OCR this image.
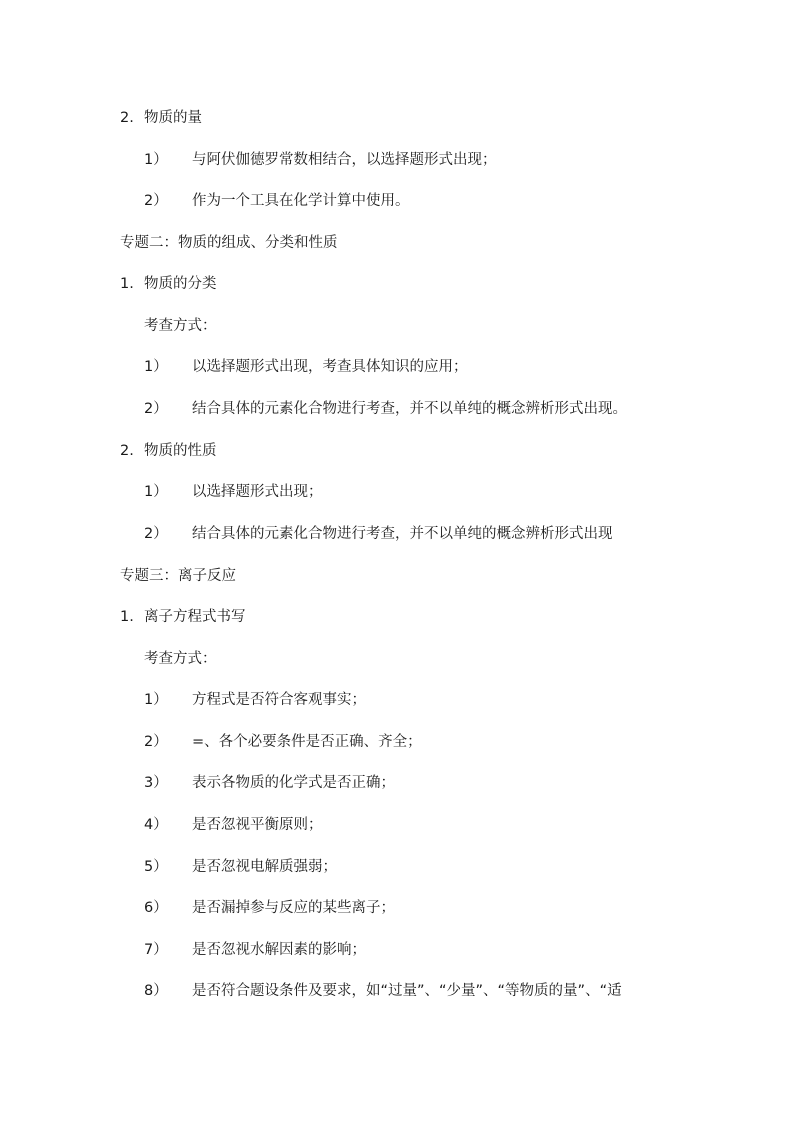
2. 物质的量
1） 与阿伏伽德罗常数相结合，以选择题形式出现；
2） 作为一个工具在化学计算中使用。
专题二：物质的组成、分类和性质
1. 物质的分类
考查方式：
1） 以选择题形式出现，考查具体知识的应用；
2） 结合具体的元素化合物进行考查，并不以单纯的概念辨析形式出现。
2. 物质的性质
1） 以选择题形式出现；
2） 结合具体的元素化合物进行考查，并不以单纯的概念辨析形式出现
专题三：离子反应
1. 离子方程式书写
考查方式：
1） 方程式是否符合客观事实；
2） =、各个必要条件是否正确、齐全；
3） 表示各物质的化学式是否正确；
4） 是否忽视平衡原则；
5） 是否忽视电解质强弱；
6） 是否漏掉参与反应的某些离子；
7） 是否忽视水解因素的影响；
8） 是否符合题设条件及要求，如“过量”、“少量”、“等物质的量”、“适
